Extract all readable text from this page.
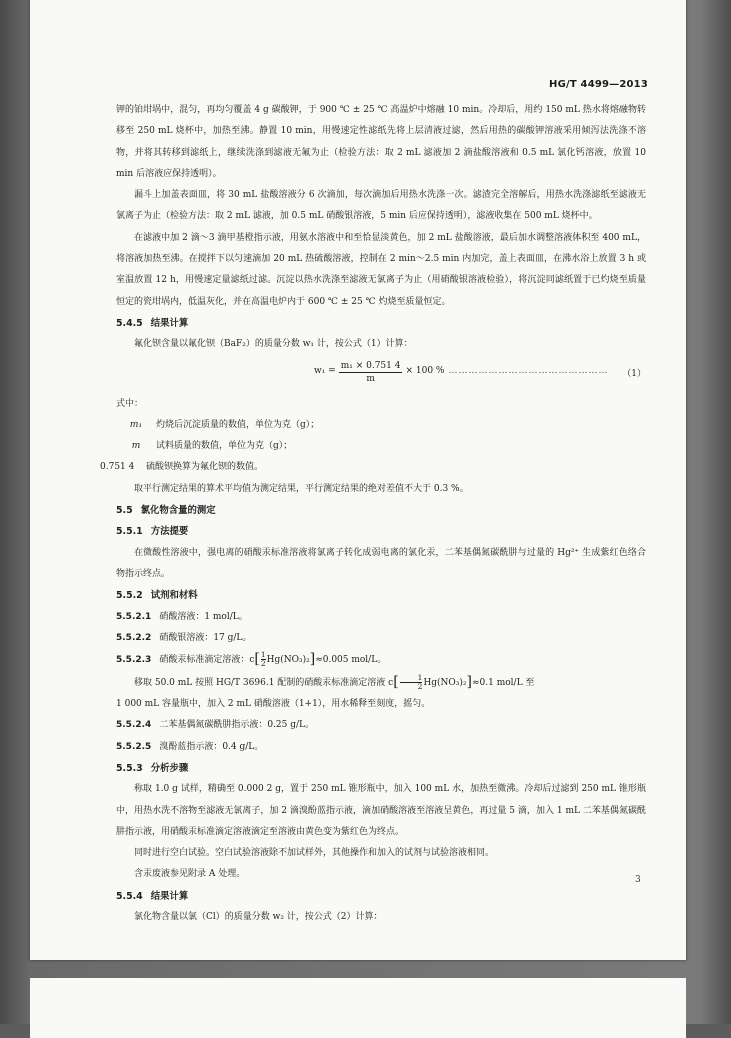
HG/T 4499—2013

钾的铂坩埚中，混匀，再均匀覆盖 4 g 碳酸钾，于 900 ℃ ± 25 ℃ 高温炉中熔融 10 min。冷却后，用约 150 mL 热水将熔融物转移至 250 mL 烧杯中，加热至沸。静置 10 min，用慢速定性滤纸先将上层清液过滤，然后用热的碳酸钾溶液采用倾泻法洗涤不溶物，并将其转移到滤纸上，继续洗涤到滤液无氟为止（检验方法：取 2 mL 滤液加 2 滴盐酸溶液和 0.5 mL 氯化钙溶液，放置 10 min 后溶液应保持透明）。

漏斗上加盖表面皿，将 30 mL 盐酸溶液分 6 次滴加，每次滴加后用热水洗涤一次。滤渣完全溶解后，用热水洗涤滤纸至滤液无氯离子为止（检验方法：取 2 mL 滤液，加 0.5 mL 硝酸银溶液，5 min 后应保持透明），滤液收集在 500 mL 烧杯中。

在滤液中加 2 滴～3 滴甲基橙指示液，用氨水溶液中和至恰显淡黄色，加 2 mL 盐酸溶液，最后加水调整溶液体积至 400 mL，将溶液加热至沸。在搅拌下以匀速滴加 20 mL 热硫酸溶液，控制在 2 min～2.5 min 内加完，盖上表面皿，在沸水浴上放置 3 h 或室温放置 12 h，用慢速定量滤纸过滤。沉淀以热水洗涤至滤液无氯离子为止（用硝酸银溶液检验），将沉淀同滤纸置于已灼烧至质量恒定的瓷坩埚内，低温灰化，并在高温电炉内于 600 ℃ ± 25 ℃ 灼烧至质量恒定。

5.4.5 结果计算

氟化钡含量以氟化钡（BaF₂）的质量分数 w₁ 计，按公式（1）计算：

$w_1 = \frac{\text{m₁ × 0.751 4}}{m} \times 100$ % ………………………………………… （1）

式中：

m₁	灼烧后沉淀质量的数值，单位为克（g）；
m	试料质量的数值，单位为克（g）；
0.751 4	硫酸钡换算为氟化钡的数值。

取平行测定结果的算术平均值为测定结果，平行测定结果的绝对差值不大于 0.3 %。

5.5 氯化物含量的测定

5.5.1 方法提要

在微酸性溶液中，强电离的硝酸汞标准溶液将氯离子转化成弱电离的氯化汞，二苯基偶氮碳酰肼与过量的 Hg²⁺ 生成紫红色络合物指示终点。

5.5.2 试剂和材料

5.5.2.1 硝酸溶液：1 mol/L。

5.5.2.2 硝酸银溶液：17 g/L。

5.5.2.3 硝酸汞标准滴定溶液：$c[ \frac{1}{2} Hg(NO_3)_2]\approx 0.005$ mol/L。

移取 50.0 mL 按照 HG/T 3696.1 配制的硝酸汞标准滴定溶液 $c[ \frac{1}{2} Hg(NO_3)_2]\approx 0.1$ mol/L 至

1 000 mL 容量瓶中，加入 2 mL 硝酸溶液（1+1），用水稀释至刻度，摇匀。

5.5.2.4 二苯基偶氮碳酰肼指示液：0.25 g/L。

5.5.2.5 溴酚蓝指示液：0.4 g/L。

5.5.3 分析步骤

称取 1.0 g 试样，精确至 0.000 2 g，置于 250 mL 锥形瓶中，加入 100 mL 水，加热至微沸。冷却后过滤到 250 mL 锥形瓶中，用热水洗不溶物至滤液无氯离子，加 2 滴溴酚蓝指示液，滴加硝酸溶液至溶液呈黄色，再过量 5 滴，加入 1 mL 二苯基偶氮碳酰肼指示液，用硝酸汞标准滴定溶液滴定至溶液由黄色变为紫红色为终点。

同时进行空白试验。空白试验溶液除不加试样外，其他操作和加入的试剂与试验溶液相同。

含汞废液参见附录 A 处理。

5.5.4 结果计算

氯化物含量以氯（Cl）的质量分数 w₂ 计，按公式（2）计算：

3
